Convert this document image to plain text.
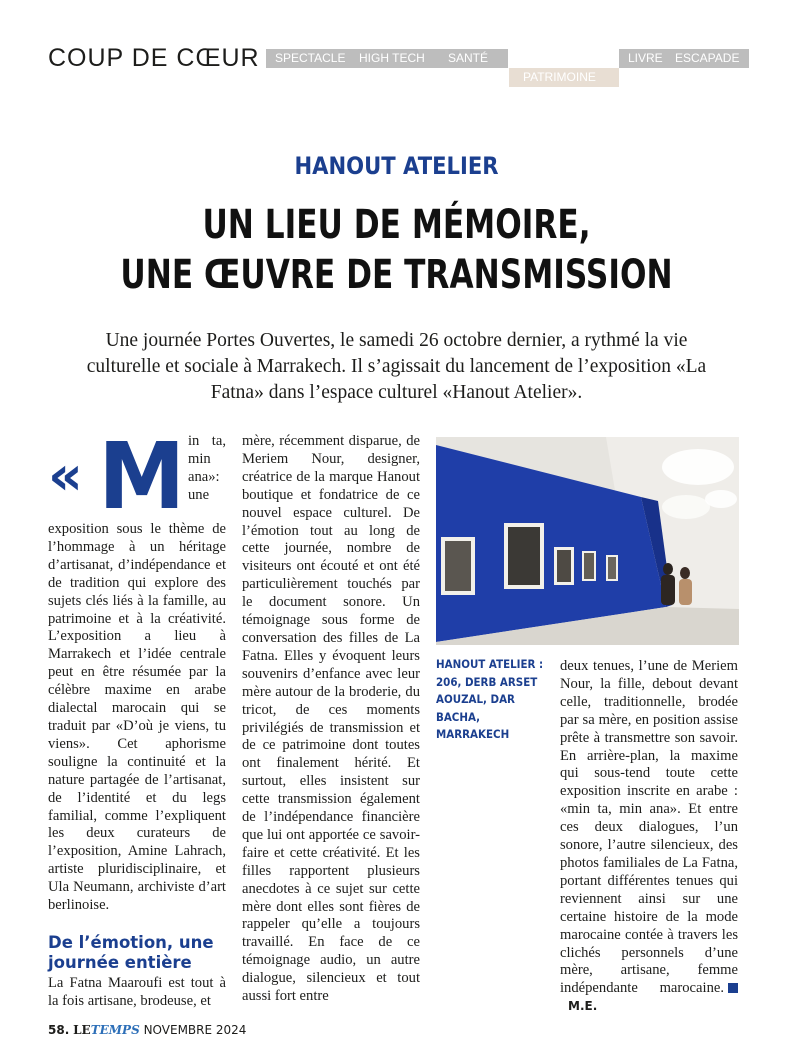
COUP DE CŒUR SPECTACLE HIGH TECH SANTÉ
PATRIMOINE
LIVRE ESCAPADE
HANOUT ATELIER
UN LIEU DE MÉMOIRE,
UNE ŒUVRE DE TRANSMISSION
Une journée Portes Ouvertes, le samedi 26 octobre dernier, a rythmé la vie culturelle et sociale à Marrakech. Il s’agissait du lancement de l’exposition «La Fatna» dans l’espace culturel «Hanout Atelier».
« M in ta, min ana»: une exposition sous le thème de l’hommage à un héritage d’artisanat, d’indépendance et de tradition qui explore des sujets clés liés à la famille, au patrimoine et à la créativité. L’exposition a lieu à Marrakech et l’idée centrale peut en être résumée par la célèbre maxime en arabe dialectal marocain qui se traduit par «D’où je viens, tu viens». Cet aphorisme souligne la continuité et la nature partagée de l’artisanat, de l’identité et du legs familial, comme l’expliquent les deux curateurs de l’exposition, Amine Lahrach, artiste pluridisciplinaire, et Ula Neumann, archiviste d’art berlinoise.

De l’émotion, une journée entière

La Fatna Maaroufi est tout à la fois artisane, brodeuse, et

mère, récemment disparue, de Meriem Nour, designer, créatrice de la marque Hanout boutique et fondatrice de ce nouvel espace culturel. De l’émotion tout au long de cette journée, nombre de visiteurs ont écouté et ont été particulièrement touchés par le document sonore. Un témoignage sous forme de conversation des filles de La Fatna. Elles y évoquent leurs souvenirs d’enfance avec leur mère autour de la broderie, du tricot, de ces moments privilégiés de transmission et de ce patrimoine dont toutes ont finalement hérité. Et surtout, elles insistent sur cette transmission également de l’indépendance financière que lui ont apportée ce savoir-faire et cette créativité. Et les filles rapportent plusieurs anecdotes à ce sujet sur cette mère dont elles sont fières de rappeler qu’elle a toujours travaillé. En face de ce témoignage audio, un autre dialogue, silencieux et tout aussi fort entre

HANOUT ATELIER : 206, DERB ARSET AOUZAL, DAR BACHA, MARRAKECH

deux tenues, l’une de Meriem Nour, la fille, debout devant celle, traditionnelle, brodée par sa mère, en position assise prête à transmettre son savoir. En arrière-plan, la maxime qui sous-tend toute cette exposition inscrite en arabe : «min ta, min ana». Et entre ces deux dialogues, l’un sonore, l’autre silencieux, des photos familiales de La Fatna, portant différentes tenues qui reviennent ainsi sur une certaine histoire de la mode marocaine contée à travers les clichés personnels d’une mère, artisane, femme indépendante marocaine.M.E.

58. LETEMPS NOVEMBRE 2024
